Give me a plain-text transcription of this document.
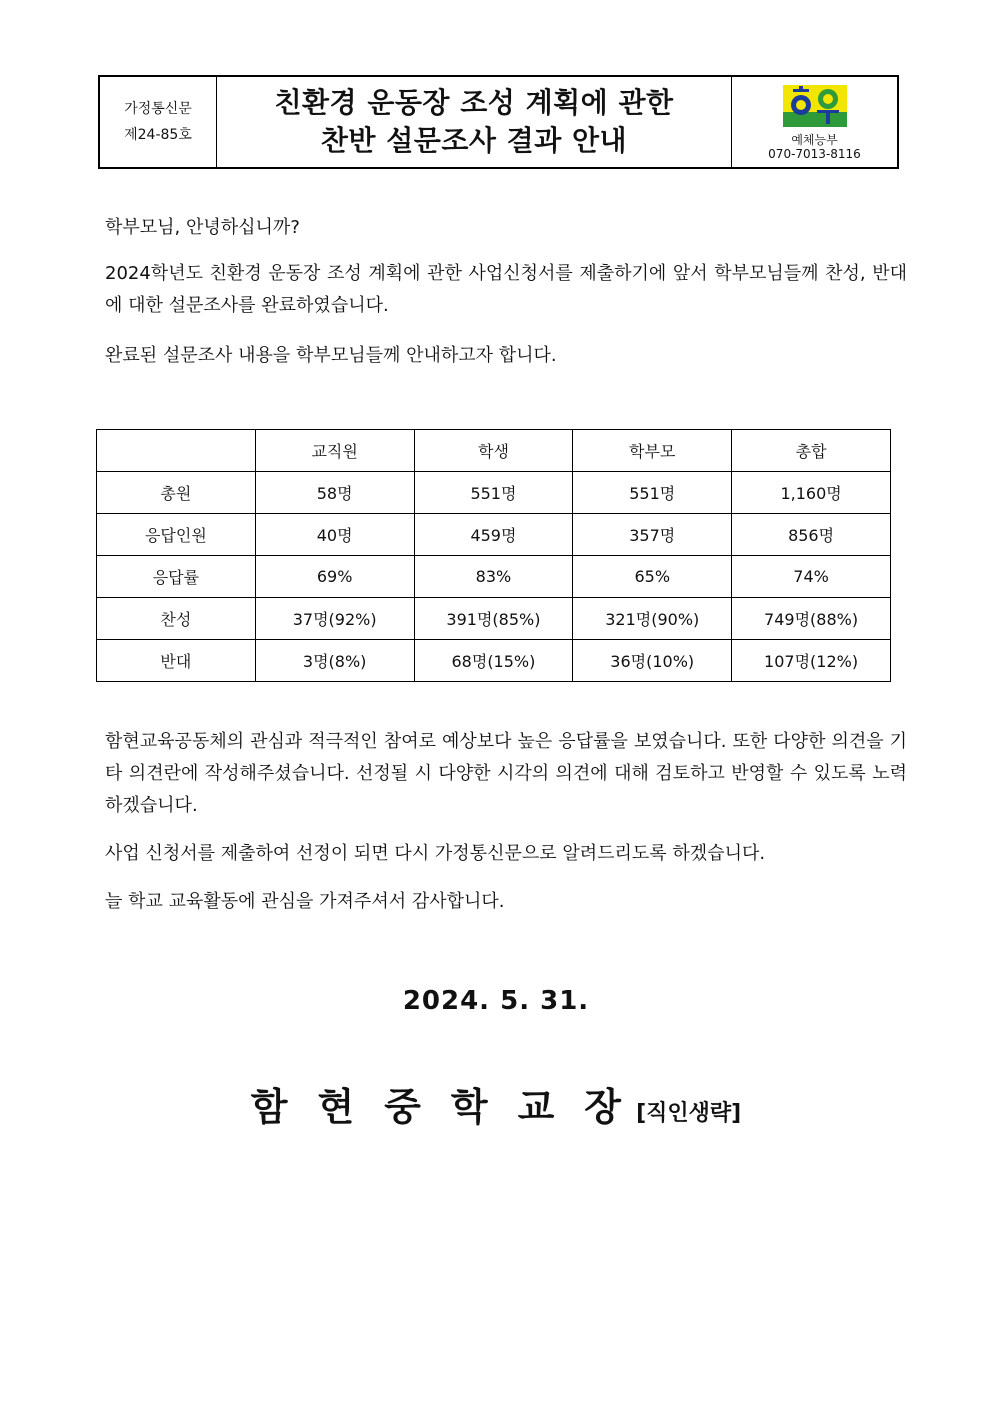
가정통신문
제24-85호
친환경 운동장 조성 계획에 관한
찬반 설문조사 결과 안내	예체능부
070-7013-8116
학부모님, 안녕하십니까?
2024학년도 친환경 운동장 조성 계획에 관한 사업신청서를 제출하기에 앞서 학부모님들께 찬성, 반대에 대한 설문조사를 완료하였습니다.
완료된 설문조사 내용을 학부모님들께 안내하고자 합니다.
	교직원	학생	학부모	총합
총원	58명	551명	551명	1,160명
응답인원	40명	459명	357명	856명
응답률	69%	83%	65%	74%
찬성	37명(92%)	391명(85%)	321명(90%)	749명(88%)
반대	3명(8%)	68명(15%)	36명(10%)	107명(12%)
함현교육공동체의 관심과 적극적인 참여로 예상보다 높은 응답률을 보였습니다. 또한 다양한 의견을 기타 의견란에 작성해주셨습니다. 선정될 시 다양한 시각의 의견에 대해 검토하고 반영할 수 있도록 노력하겠습니다.
사업 신청서를 제출하여 선정이 되면 다시 가정통신문으로 알려드리도록 하겠습니다.
늘 학교 교육활동에 관심을 가져주셔서 감사합니다.
2024. 5. 31.
함현중학교장 [직인생략]
